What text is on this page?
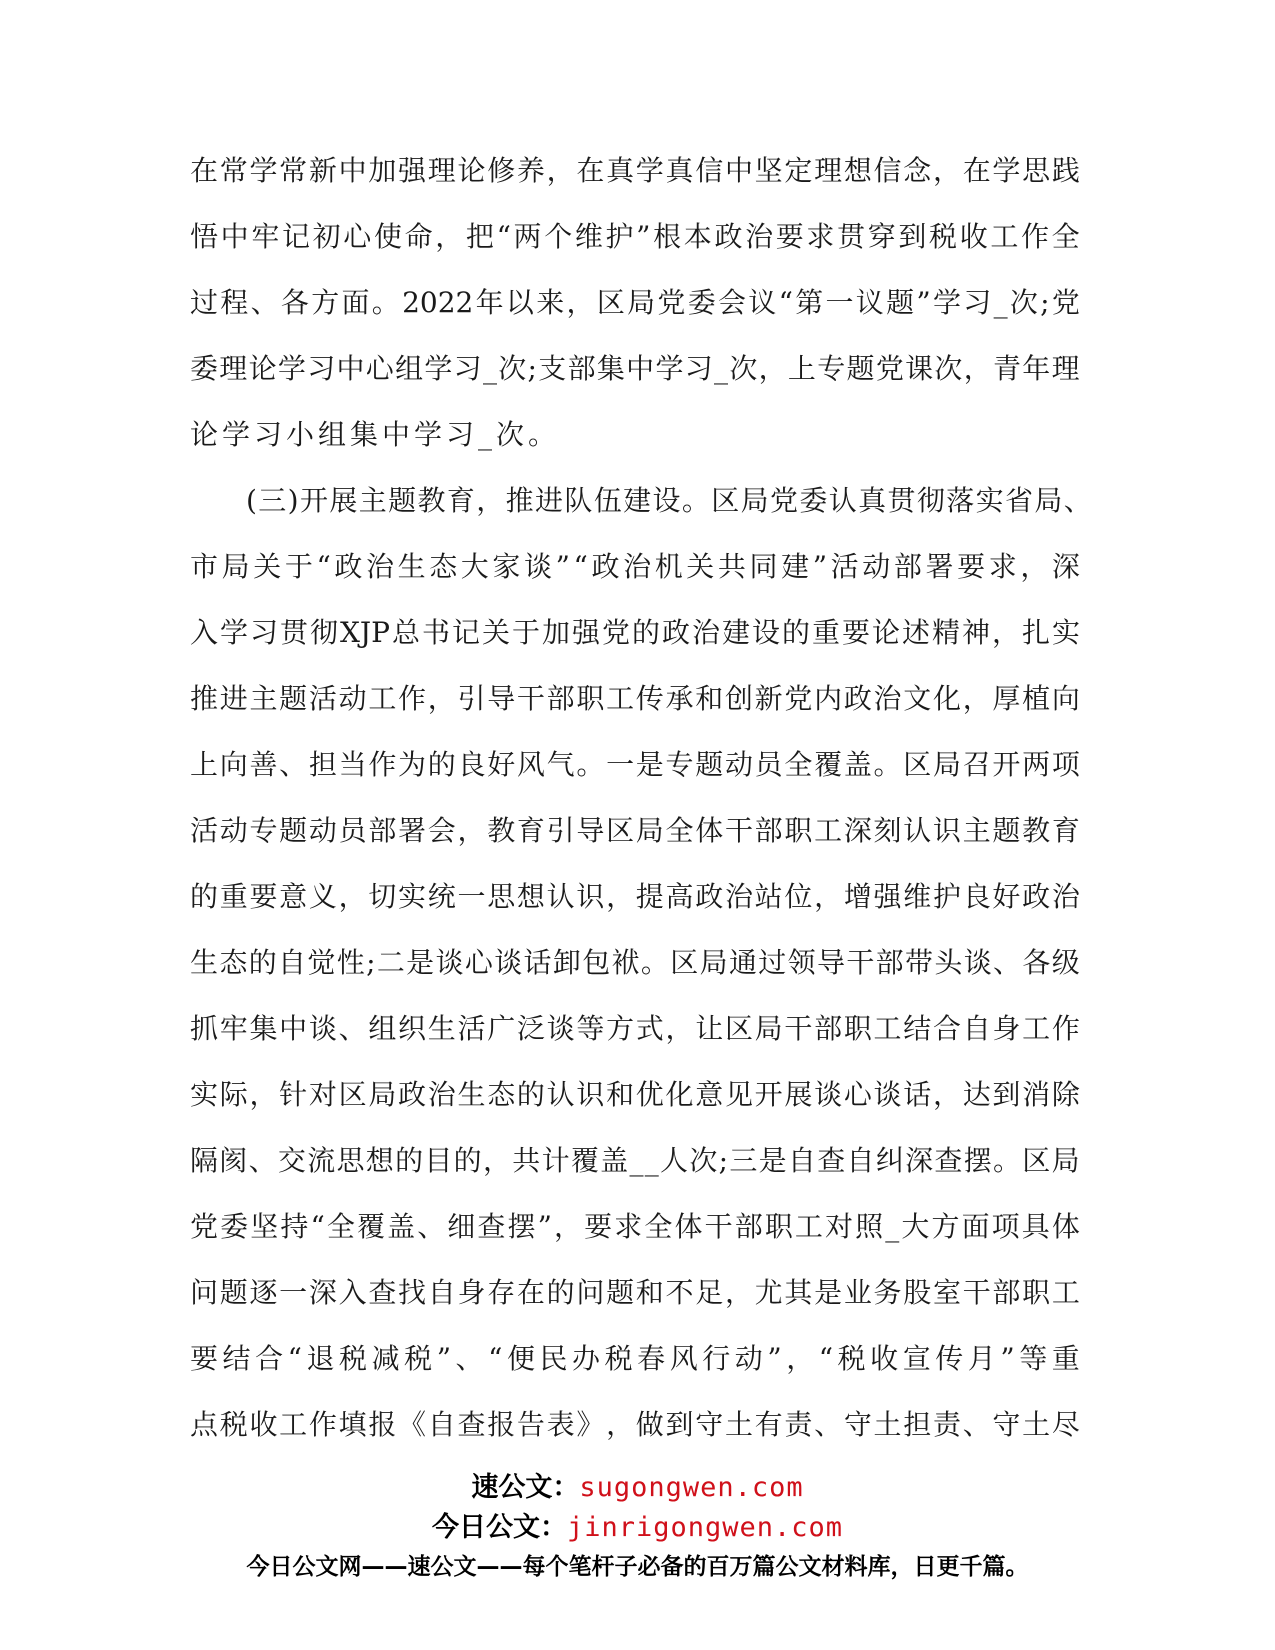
在 常 学 常 新 中 加 强 理 论 修 养 ， 在 真 学 真 信 中 坚 定 理 想 信 念 ， 在 学 思 践
悟 中 牢 记 初 心 使 命 ， 把 “ 两 个 维 护 ” 根 本 政 治 要 求 贯 穿 到 税 收 工 作 全
过 程 、 各 方 面 。 2022 年 以 来 ， 区 局 党 委 会 议 “ 第 一 议 题 ” 学 习 _ 次 ; 党
委 理 论 学 习 中 心 组 学 习 _ 次 ; 支 部 集 中 学 习 _ 次 ， 上 专 题 党 课 次 ， 青 年 理
论学习小组集中学习_次。
( 三 ) 开 展 主 题 教 育 ， 推 进 队 伍 建 设 。 区 局 党 委 认 真 贯 彻 落 实 省 局 、
市 局 关 于 “ 政 治 生 态 大 家 谈 ” “ 政 治 机 关 共 同 建 ” 活 动 部 署 要 求 ， 深
入 学 习 贯 彻 XJP 总 书 记 关 于 加 强 党 的 政 治 建 设 的 重 要 论 述 精 神 ， 扎 实
推 进 主 题 活 动 工 作 ， 引 导 干 部 职 工 传 承 和 创 新 党 内 政 治 文 化 ， 厚 植 向
上 向 善 、 担 当 作 为 的 良 好 风 气 。 一 是 专 题 动 员 全 覆 盖 。 区 局 召 开 两 项
活 动 专 题 动 员 部 署 会 ， 教 育 引 导 区 局 全 体 干 部 职 工 深 刻 认 识 主 题 教 育
的 重 要 意 义 ， 切 实 统 一 思 想 认 识 ， 提 高 政 治 站 位 ， 增 强 维 护 良 好 政 治
生 态 的 自 觉 性 ; 二 是 谈 心 谈 话 卸 包 袱 。 区 局 通 过 领 导 干 部 带 头 谈 、 各 级
抓 牢 集 中 谈 、 组 织 生 活 广 泛 谈 等 方 式 ， 让 区 局 干 部 职 工 结 合 自 身 工 作
实 际 ， 针 对 区 局 政 治 生 态 的 认 识 和 优 化 意 见 开 展 谈 心 谈 话 ， 达 到 消 除
隔 阂 、 交 流 思 想 的 目 的 ， 共 计 覆 盖 _ _ 人 次 ; 三 是 自 查 自 纠 深 查 摆 。 区 局
党 委 坚 持 “ 全 覆 盖 、 细 查 摆 ” ， 要 求 全 体 干 部 职 工 对 照 _ 大 方 面 项 具 体
问 题 逐 一 深 入 查 找 自 身 存 在 的 问 题 和 不 足 ， 尤 其 是 业 务 股 室 干 部 职 工
要 结 合 “ 退 税 减 税 ” 、 “ 便 民 办 税 春 风 行 动 ” ， “ 税 收 宣 传 月 ” 等 重
点 税 收 工 作 填 报 《 自 查 报 告 表 》 ， 做 到 守 土 有 责 、 守 土 担 责 、 守 土 尽
速公文：sugongwen.com
今日公文：jinrigongwen.com
今日公文网——速公文——每个笔杆子必备的百万篇公文材料库，日更千篇。
